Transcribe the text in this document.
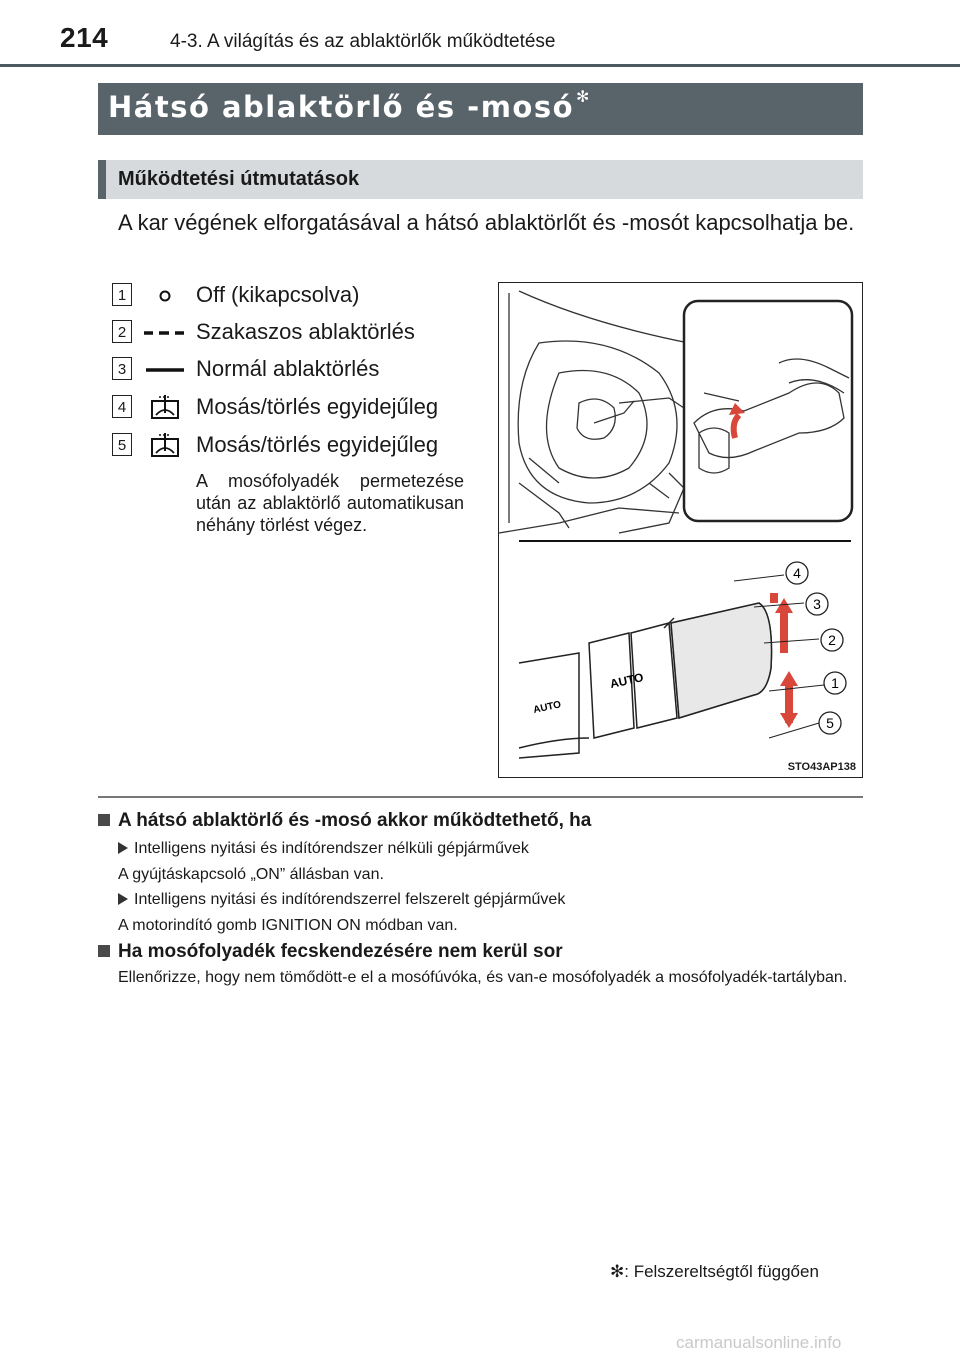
214	4-3. A világítás és az ablaktörlők működtetése
Hátsó ablaktörlő és -mosó ✻
Működtetési útmutatások
A kar végének elforgatásával a hátsó ablaktörlőt és -mosót kapcsolhatja be.
1	Off (kikapcsolva)
2	Szakaszos ablaktörlés
3	Normál ablaktörlés
4	Mosás/törlés egyidejűleg
5	Mosás/törlés egyidejűleg
A mosófolyadék permetezése után az ablaktörlő automatikusan néhány törlést végez.
AUTO
AUTO
4
3
2
1
5
STO43AP138
A hátsó ablaktörlő és -mosó akkor működtethető, ha
Intelligens nyitási és indítórendszer nélküli gépjárművek
A gyújtáskapcsoló „ON” állásban van.
Intelligens nyitási és indítórendszerrel felszerelt gépjárművek
A motorindító gomb IGNITION ON módban van.
Ha mosófolyadék fecskendezésére nem kerül sor
Ellenőrizze, hogy nem tömődött-e el a mosófúvóka, és van-e mosófolyadék a mosófolyadék-tartályban.
✻: Felszereltségtől függően
carmanualsonline.info
